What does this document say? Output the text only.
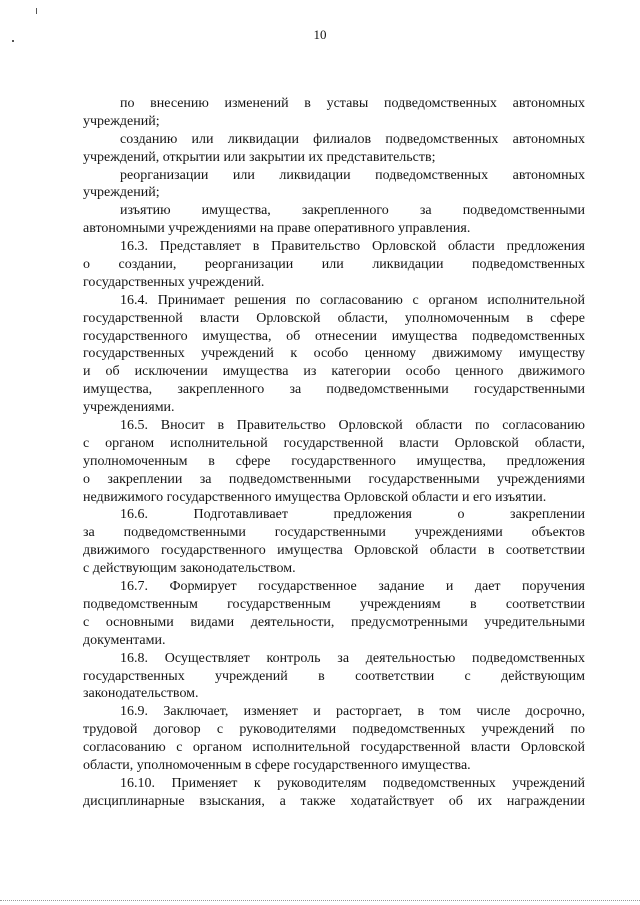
10
по внесению изменений в уставы подведомственных автономных
учреждений;
созданию или ликвидации филиалов подведомственных автономных
учреждений, открытии или закрытии их представительств;
реорганизации или ликвидации подведомственных автономных
учреждений;
изъятию имущества, закрепленного за подведомственными
автономными учреждениями на праве оперативного управления.
16.3. Представляет в Правительство Орловской области предложения
о создании, реорганизации или ликвидации подведомственных
государственных учреждений.
16.4. Принимает решения по согласованию с органом исполнительной
государственной власти Орловской области, уполномоченным в сфере
государственного имущества, об отнесении имущества подведомственных
государственных учреждений к особо ценному движимому имуществу
и об исключении имущества из категории особо ценного движимого
имущества, закрепленного за подведомственными государственными
учреждениями.
16.5. Вносит в Правительство Орловской области по согласованию
с органом исполнительной государственной власти Орловской области,
уполномоченным в сфере государственного имущества, предложения
о закреплении за подведомственными государственными учреждениями
недвижимого государственного имущества Орловской области и его изъятии.
16.6. Подготавливает предложения о закреплении
за подведомственными государственными учреждениями объектов
движимого государственного имущества Орловской области в соответствии
с действующим законодательством.
16.7. Формирует государственное задание и дает поручения
подведомственным государственным учреждениям в соответствии
с основными видами деятельности, предусмотренными учредительными
документами.
16.8. Осуществляет контроль за деятельностью подведомственных
государственных учреждений в соответствии с действующим
законодательством.
16.9. Заключает, изменяет и расторгает, в том числе досрочно,
трудовой договор с руководителями подведомственных учреждений по
согласованию с органом исполнительной государственной власти Орловской
области, уполномоченным в сфере государственного имущества.
16.10. Применяет к руководителям подведомственных учреждений
дисциплинарные взыскания, а также ходатайствует об их награждении
